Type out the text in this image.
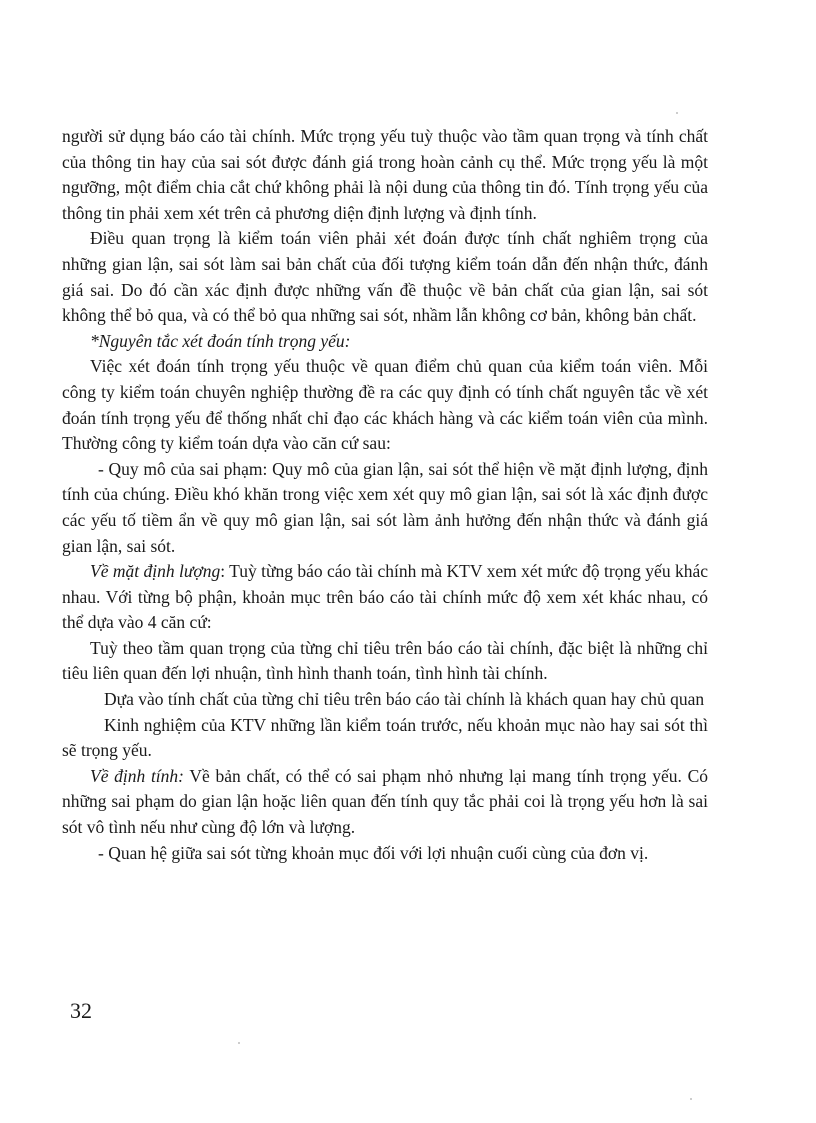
người sử dụng báo cáo tài chính. Mức trọng yếu tuỳ thuộc vào tầm quan trọng và tính chất của thông tin hay của sai sót được đánh giá trong hoàn cảnh cụ thể. Mức trọng yếu là một ngưỡng, một điểm chia cắt chứ không phải là nội dung của thông tin đó. Tính trọng yếu của thông tin phải xem xét trên cả phương diện định lượng và định tính.

Điều quan trọng là kiểm toán viên phải xét đoán được tính chất nghiêm trọng của những gian lận, sai sót làm sai bản chất của đối tượng kiểm toán dẫn đến nhận thức, đánh giá sai. Do đó cần xác định được những vấn đề thuộc về bản chất của gian lận, sai sót không thể bỏ qua, và có thể bỏ qua những sai sót, nhầm lẫn không cơ bản, không bản chất.

*Nguyên tắc xét đoán tính trọng yếu:

Việc xét đoán tính trọng yếu thuộc về quan điểm chủ quan của kiểm toán viên. Mỗi công ty kiểm toán chuyên nghiệp thường đề ra các quy định có tính chất nguyên tắc về xét đoán tính trọng yếu để thống nhất chỉ đạo các khách hàng và các kiểm toán viên của mình. Thường công ty kiểm toán dựa vào căn cứ sau:

- Quy mô của sai phạm: Quy mô của gian lận, sai sót thể hiện về mặt định lượng, định tính của chúng. Điều khó khăn trong việc xem xét quy mô gian lận, sai sót là xác định được các yếu tố tiềm ẩn về quy mô gian lận, sai sót làm ảnh hưởng đến nhận thức và đánh giá gian lận, sai sót.

Về mặt định lượng: Tuỳ từng báo cáo tài chính mà KTV xem xét mức độ trọng yếu khác nhau. Với từng bộ phận, khoản mục trên báo cáo tài chính mức độ xem xét khác nhau, có thể dựa vào 4 căn cứ:

Tuỳ theo tầm quan trọng của từng chỉ tiêu trên báo cáo tài chính, đặc biệt là những chỉ tiêu liên quan đến lợi nhuận, tình hình thanh toán, tình hình tài chính.

Dựa vào tính chất của từng chỉ tiêu trên báo cáo tài chính là khách quan hay chủ quan

Kinh nghiệm của KTV những lần kiểm toán trước, nếu khoản mục nào hay sai sót thì sẽ trọng yếu.

Về định tính: Về bản chất, có thể có sai phạm nhỏ nhưng lại mang tính trọng yếu. Có những sai phạm do gian lận hoặc liên quan đến tính quy tắc phải coi là trọng yếu hơn là sai sót vô tình nếu như cùng độ lớn và lượng.

- Quan hệ giữa sai sót từng khoản mục đối với lợi nhuận cuối cùng của đơn vị.

32
